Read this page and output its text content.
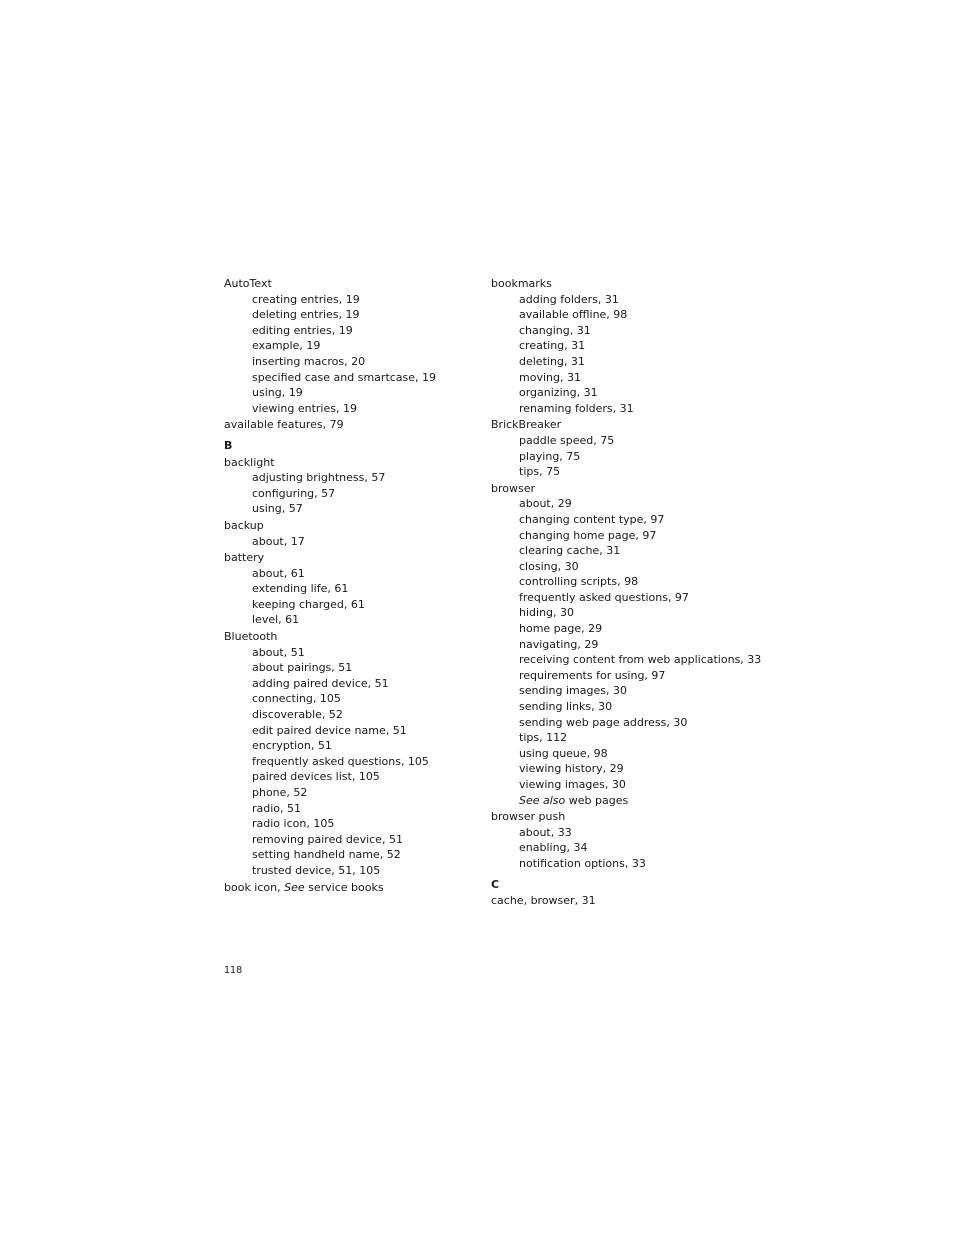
AutoText
creating entries, 19
deleting entries, 19
editing entries, 19
example, 19
inserting macros, 20
specified case and smartcase, 19
using, 19
viewing entries, 19
available features, 79
B
backlight
adjusting brightness, 57
configuring, 57
using, 57
backup
about, 17
battery
about, 61
extending life, 61
keeping charged, 61
level, 61
Bluetooth
about, 51
about pairings, 51
adding paired device, 51
connecting, 105
discoverable, 52
edit paired device name, 51
encryption, 51
frequently asked questions, 105
paired devices list, 105
phone, 52
radio, 51
radio icon, 105
removing paired device, 51
setting handheld name, 52
trusted device, 51, 105
book icon, See service books
bookmarks
adding folders, 31
available offline, 98
changing, 31
creating, 31
deleting, 31
moving, 31
organizing, 31
renaming folders, 31
BrickBreaker
paddle speed, 75
playing, 75
tips, 75
browser
about, 29
changing content type, 97
changing home page, 97
clearing cache, 31
closing, 30
controlling scripts, 98
frequently asked questions, 97
hiding, 30
home page, 29
navigating, 29
receiving content from web applications, 33
requirements for using, 97
sending images, 30
sending links, 30
sending web page address, 30
tips, 112
using queue, 98
viewing history, 29
viewing images, 30
See also web pages
browser push
about, 33
enabling, 34
notification options, 33
C
cache, browser, 31
118
